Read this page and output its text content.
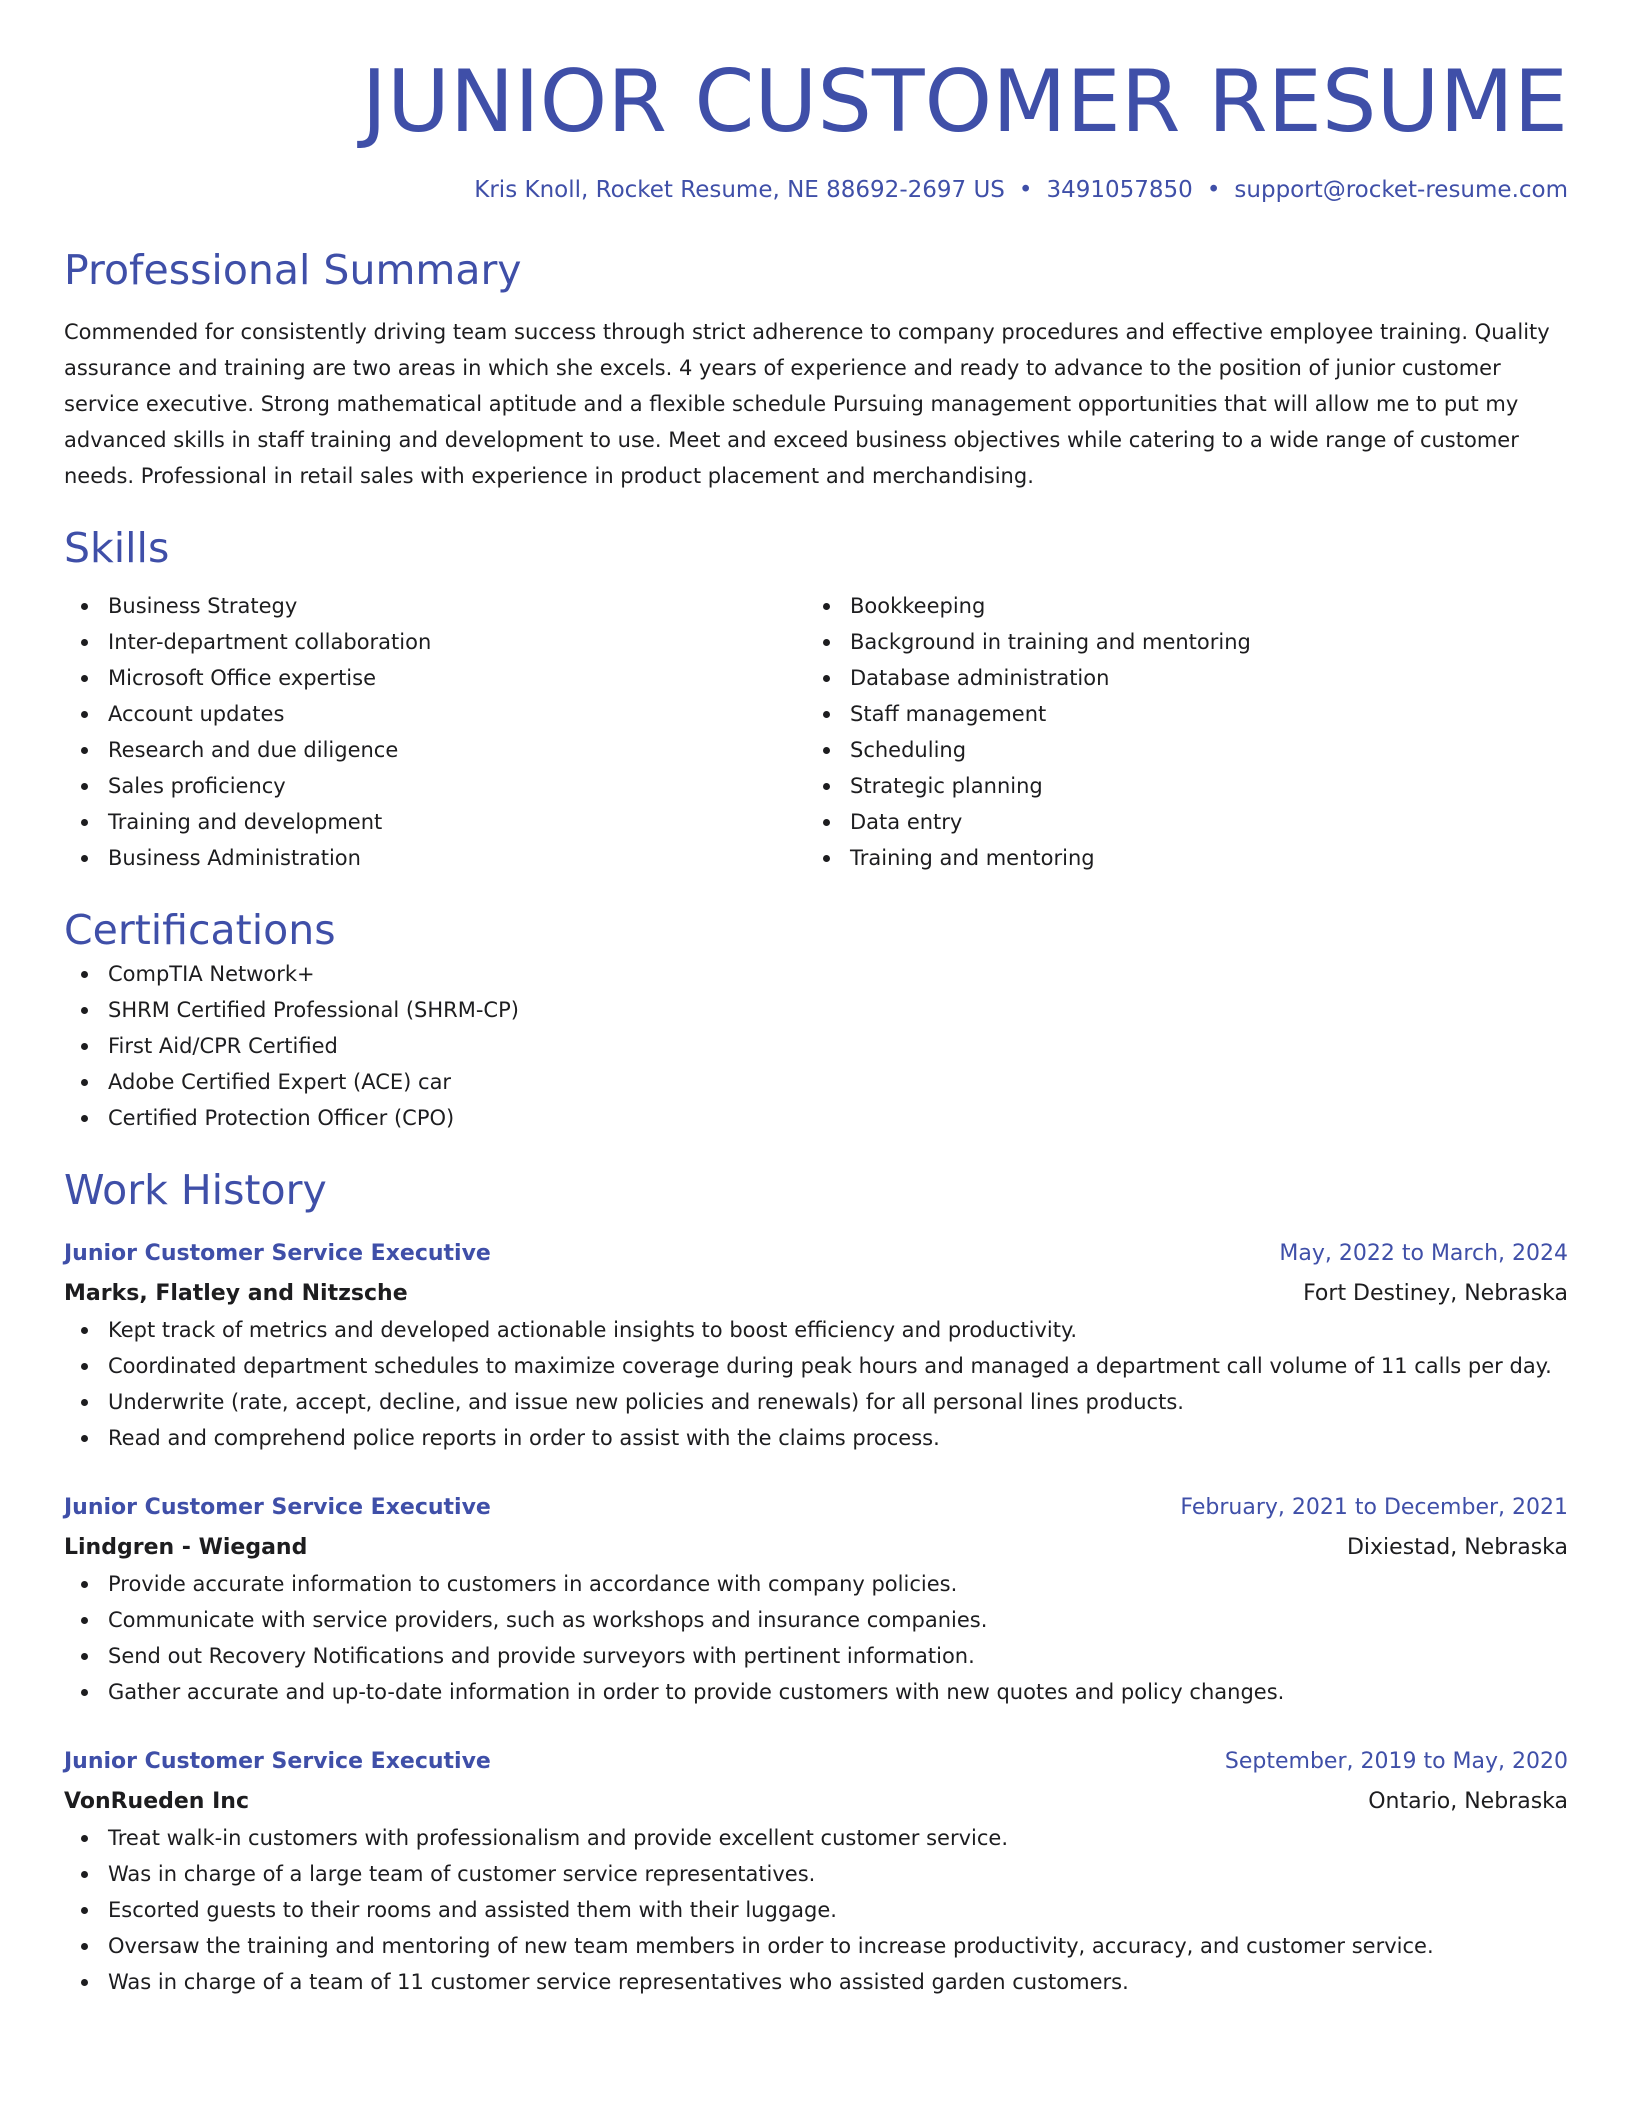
JUNIOR CUSTOMER RESUME
Kris Knoll, Rocket Resume, NE 88692-2697 US • 3491057850 • support@rocket-resume.com
Professional Summary

Commended for consistently driving team success through strict adherence to company procedures and effective employee training. Quality assurance and training are two areas in which she excels. 4 years of experience and ready to advance to the position of junior customer service executive. Strong mathematical aptitude and a flexible schedule Pursuing management opportunities that will allow me to put my advanced skills in staff training and development to use. Meet and exceed business objectives while catering to a wide range of customer needs. Professional in retail sales with experience in product placement and merchandising.

Skills
Business Strategy
Inter-department collaboration
Microsoft Office expertise
Account updates
Research and due diligence
Sales proficiency
Training and development
Business Administration
Bookkeeping
Background in training and mentoring
Database administration
Staff management
Scheduling
Strategic planning
Data entry
Training and mentoring
Certifications
CompTIA Network+
SHRM Certified Professional (SHRM-CP)
First Aid/CPR Certified
Adobe Certified Expert (ACE) car
Certified Protection Officer (CPO)
Work History
Junior Customer Service Executive	May, 2022 to March, 2024
Marks, Flatley and Nitzsche	Fort Destiney, Nebraska
Kept track of metrics and developed actionable insights to boost efficiency and productivity.
Coordinated department schedules to maximize coverage during peak hours and managed a department call volume of 11 calls per day.
Underwrite (rate, accept, decline, and issue new policies and renewals) for all personal lines products.
Read and comprehend police reports in order to assist with the claims process.
Junior Customer Service Executive	February, 2021 to December, 2021
Lindgren - Wiegand	Dixiestad, Nebraska
Provide accurate information to customers in accordance with company policies.
Communicate with service providers, such as workshops and insurance companies.
Send out Recovery Notifications and provide surveyors with pertinent information.
Gather accurate and up-to-date information in order to provide customers with new quotes and policy changes.
Junior Customer Service Executive	September, 2019 to May, 2020
VonRueden Inc	Ontario, Nebraska
Treat walk-in customers with professionalism and provide excellent customer service.
Was in charge of a large team of customer service representatives.
Escorted guests to their rooms and assisted them with their luggage.
Oversaw the training and mentoring of new team members in order to increase productivity, accuracy, and customer service.
Was in charge of a team of 11 customer service representatives who assisted garden customers.
